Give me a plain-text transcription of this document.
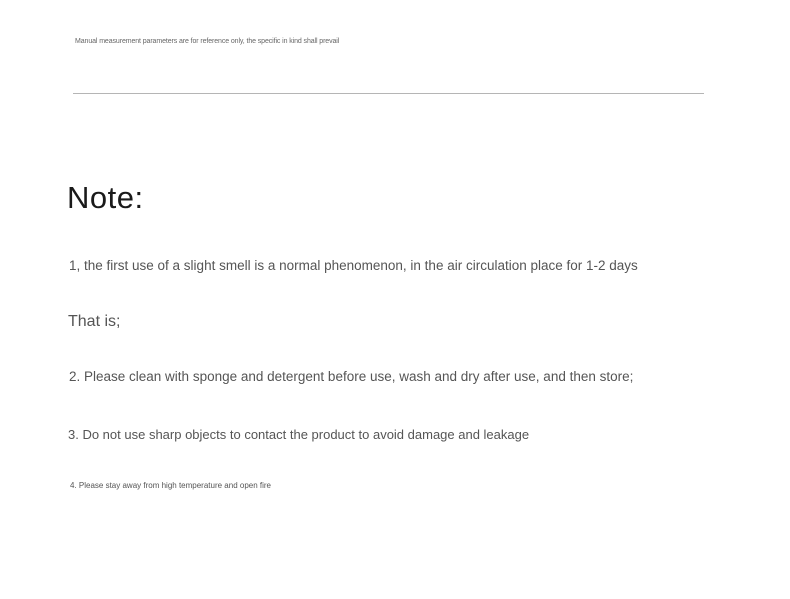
Manual measurement parameters are for reference only, the specific in kind shall prevail
Note:
1, the first use of a slight smell is a normal phenomenon, in the air circulation place for 1-2 days
That is;
2. Please clean with sponge and detergent before use, wash and dry after use, and then store;
3. Do not use sharp objects to contact the product to avoid damage and leakage
4. Please stay away from high temperature and open fire
